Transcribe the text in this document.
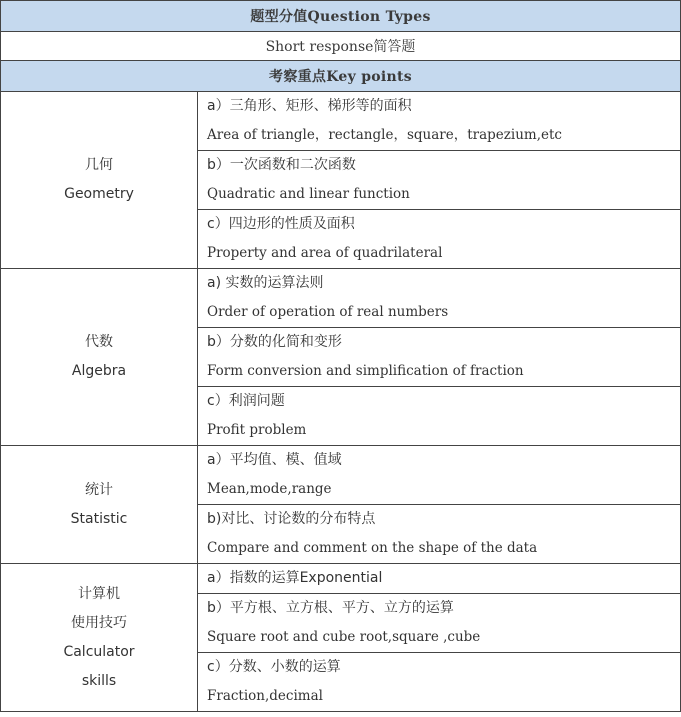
题型分值Question Types	
Short response简答题	
考察重点Key points	

几何
Geometry	a）三角形、矩形、梯形等的面积
Area of triangle，rectangle，square，trapezium,etc

	b）一次函数和二次函数
Quadratic and linear function

	c）四边形的性质及面积
Property and area of quadrilateral

代数
Algebra	a) 实数的运算法则
Order of operation of real numbers

	b）分数的化简和变形
Form conversion and simplification of fraction

	c）利润问题
Profit problem

统计
Statistic	a）平均值、模、值域
Mean,mode,range

	b)对比、讨论数的分布特点
Compare and comment on the shape of the data

计算机
使用技巧
Calculator
skills	a）指数的运算Exponential

	b）平方根、立方根、平方、立方的运算
Square root and cube root,square ,cube

	c）分数、小数的运算
Fraction,decimal
